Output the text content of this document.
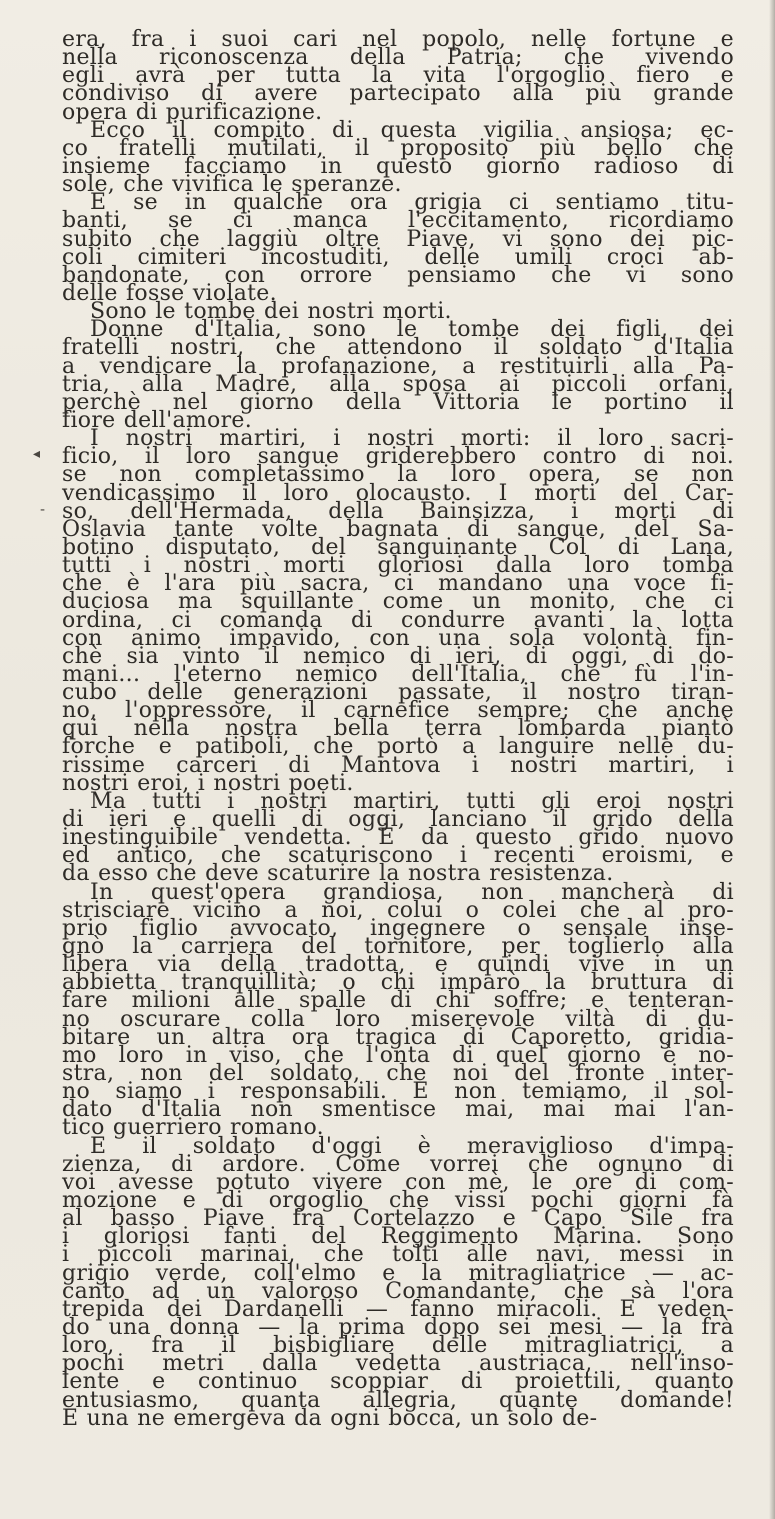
era, fra i suoi cari nel popolo, nelle fortune e
nella riconoscenza della Patria; che vivendo
egli avrà per tutta la vita l'orgoglio fiero e
condiviso di avere partecipato alla più grande
opera di purificazione.
Ecco il compito di questa vigilia ansiosa; ec-
co fratelli mutilati, il proposito più bello che
insieme facciamo in questo giorno radioso di
sole, che vivifica le speranze.
E se in qualche ora grigia ci sentiamo titu-
banti, se ci manca l'eccitamento, ricordiamo
subito che laggiù oltre Piave, vi sono dei pic-
coli cimiteri incostuditi, delle umili croci ab-
bandonate, con orrore pensiamo che vi sono
delle fosse violate.
Sono le tombe dei nostri morti.
Donne d'Italia, sono le tombe dei figli, dei
fratelli nostri, che attendono il soldato d'Italia
a vendicare la profanazione, a restituirli alla Pa-
tria, alla Madre, alla sposa ai piccoli orfani,
perchè nel giorno della Vittoria le portino il
fiore dell'amore.
I nostri martiri, i nostri morti: il loro sacri-
ficio, il loro sangue griderebbero contro di noi.
se non completassimo la loro opera, se non
vendicassimo il loro olocausto. I morti del Car-
so, dell'Hermada, della Bainsizza, i morti di
Oslavia tante volte bagnata di sangue, del Sa-
botino disputato, del sanguinante Col di Lana,
tutti i nostri morti gloriosi dalla loro tomba
che è l'ara più sacra, ci mandano una voce fi-
duciosa ma squillante come un monito, che ci
ordina, ci comanda di condurre avanti la lotta
con animo impavido, con una sola volontà fin-
chè sia vinto il nemico di ieri, di oggi, di do-
mani... l'eterno nemico dell'Italia, che fù l'in-
cubo delle generazioni passate, il nostro tiran-
no, l'oppressore, il carnefice sempre; che anche
qui nella nostra bella terra lombarda piantò
forche e patiboli, che portò a languire nelle du-
rissime carceri di Mantova i nostri martiri, i
nostri eroi, i nostri poeti.
Ma tutti i nostri martiri, tutti gli eroi nostri
di ieri e quelli di oggi, lanciano il grido della
inestinguibile vendetta. È da questo grido nuovo
ed antico, che scaturiscono i recenti eroismi, e
da esso che deve scaturire la nostra resistenza.
In quest'opera grandiosa, non mancherà di
strisciare vicino a noi, colui o colei che al pro-
prio figlio avvocato, ingegnere o sensale inse-
gnò la carriera del tornitore, per toglierlo alla
libera via della tradotta, e quindi vive in un
abbietta tranquillità; o chi imparò la bruttura di
fare milioni alle spalle di chi soffre; e tenteran-
no oscurare colla loro miserevole viltà di du-
bitare un altra ora tragica di Caporetto, gridia-
mo loro in viso, che l'onta di quel giorno è no-
stra, non del soldato, che noi del fronte inter-
no siamo i responsabili. E non temiamo, il sol-
dato d'Italia non smentisce mai, mai mai l'an-
tico guerriero romano.
E il soldato d'oggi è meraviglioso d'impa-
zienza, di ardore. Come vorrei che ognuno di
voi avesse potuto vivere con mè, le ore di com-
mozione e di orgoglio che vissi pochi giorni fà
al basso Piave fra Cortelazzo e Capo Sile fra
i gloriosi fanti del Reggimento Marina. Sono
i piccoli marinai, che tolti alle navi, messi in
grigio verde, coll'elmo e la mitragliatrice — ac-
canto ad un valoroso Comandante, che sà l'ora
trepida dei Dardanelli — fanno miracoli. E veden-
do una donna — la prima dopo sei mesi — la frà
loro, fra il bisbigliare delle mitragliatrici, a
pochi metri dalla vedetta austriaca, nell'inso-
lente e continuo scoppiar di proiettili, quanto
entusiasmo, quanta allegria, quante domande!
E una ne emergeva da ogni bocca, un solo de-
◂
-
